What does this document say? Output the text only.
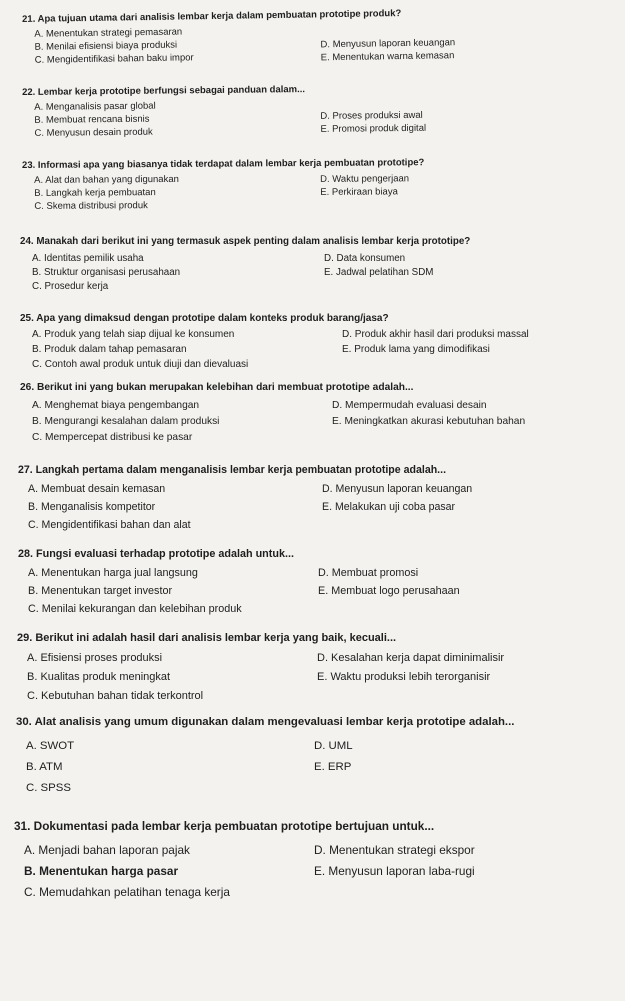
21. Apa tujuan utama dari analisis lembar kerja dalam pembuatan prototipe produk?
A. Menentukan strategi pemasaran
B. Menilai efisiensi biaya produksi
C. Mengidentifikasi bahan baku impor
D. Menyusun laporan keuangan
E. Menentukan warna kemasan
22. Lembar kerja prototipe berfungsi sebagai panduan dalam...
A. Menganalisis pasar global
B. Membuat rencana bisnis
C. Menyusun desain produk
D. Proses produksi awal
E. Promosi produk digital
23. Informasi apa yang biasanya tidak terdapat dalam lembar kerja pembuatan prototipe?
A. Alat dan bahan yang digunakan
B. Langkah kerja pembuatan
C. Skema distribusi produk
D. Waktu pengerjaan
E. Perkiraan biaya
24. Manakah dari berikut ini yang termasuk aspek penting dalam analisis lembar kerja prototipe?
A. Identitas pemilik usaha
B. Struktur organisasi perusahaan
C. Prosedur kerja
D. Data konsumen
E. Jadwal pelatihan SDM
25. Apa yang dimaksud dengan prototipe dalam konteks produk barang/jasa?
A. Produk yang telah siap dijual ke konsumen
B. Produk dalam tahap pemasaran
C. Contoh awal produk untuk diuji dan dievaluasi
D. Produk akhir hasil dari produksi massal
E. Produk lama yang dimodifikasi
26. Berikut ini yang bukan merupakan kelebihan dari membuat prototipe adalah...
A. Menghemat biaya pengembangan
B. Mengurangi kesalahan dalam produksi
C. Mempercepat distribusi ke pasar
D. Mempermudah evaluasi desain
E. Meningkatkan akurasi kebutuhan bahan
27. Langkah pertama dalam menganalisis lembar kerja pembuatan prototipe adalah...
A. Membuat desain kemasan
B. Menganalisis kompetitor
C. Mengidentifikasi bahan dan alat
D. Menyusun laporan keuangan
E. Melakukan uji coba pasar
28. Fungsi evaluasi terhadap prototipe adalah untuk...
A. Menentukan harga jual langsung
B. Menentukan target investor
C. Menilai kekurangan dan kelebihan produk
D. Membuat promosi
E. Membuat logo perusahaan
29. Berikut ini adalah hasil dari analisis lembar kerja yang baik, kecuali...
A. Efisiensi proses produksi
B. Kualitas produk meningkat
C. Kebutuhan bahan tidak terkontrol
D. Kesalahan kerja dapat diminimalisir
E. Waktu produksi lebih terorganisir
30. Alat analisis yang umum digunakan dalam mengevaluasi lembar kerja prototipe adalah...
A. SWOT
B. ATM
C. SPSS
D. UML
E. ERP
31. Dokumentasi pada lembar kerja pembuatan prototipe bertujuan untuk...
A. Menjadi bahan laporan pajak
B. Menentukan harga pasar
C. Memudahkan pelatihan tenaga kerja
D. Menentukan strategi ekspor
E. Menyusun laporan laba-rugi
